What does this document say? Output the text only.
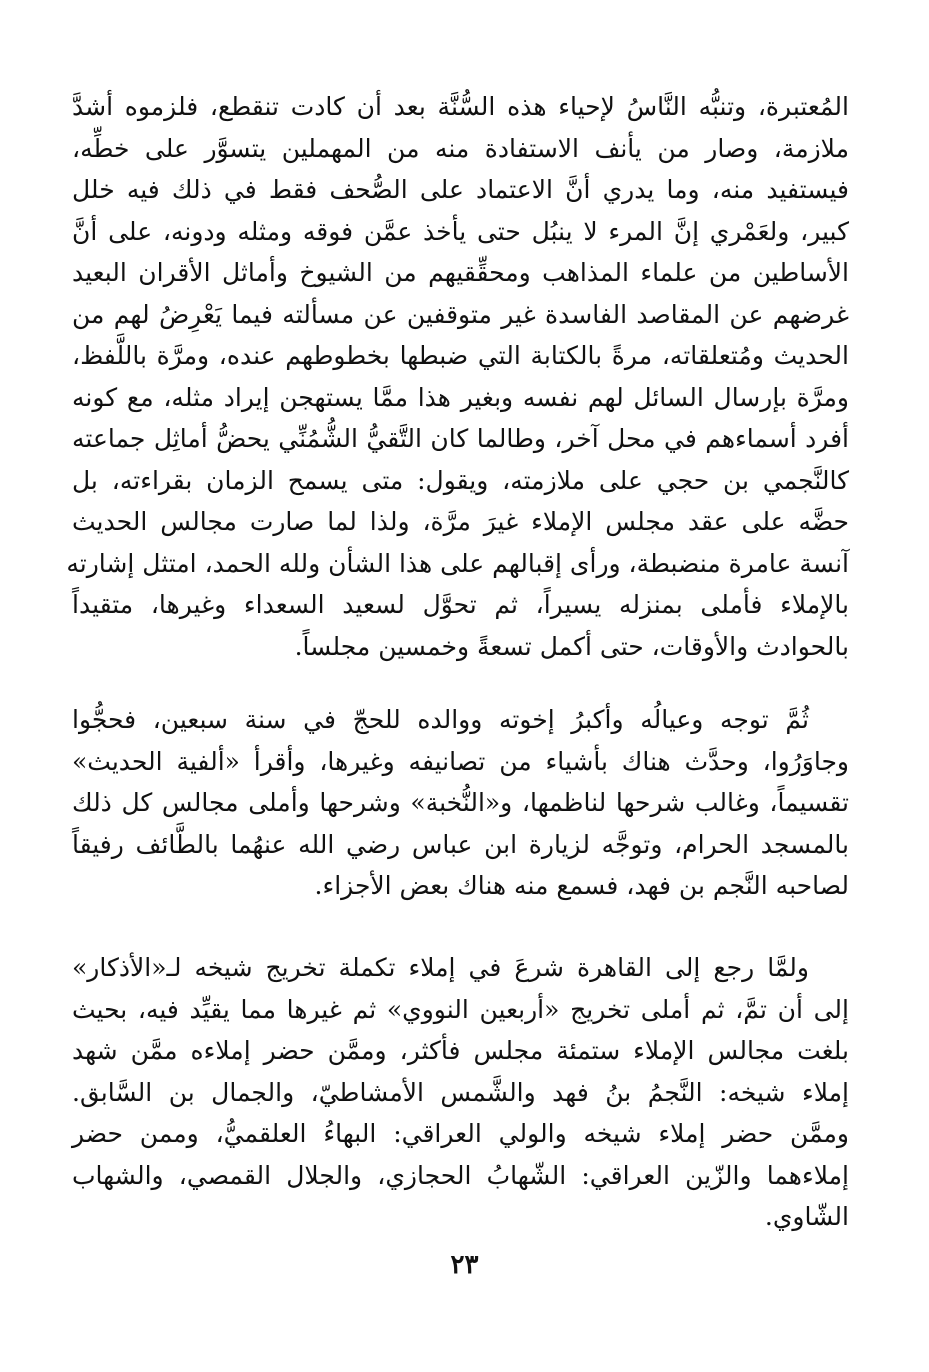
المُعتبرة، وتنبُّه النَّاسُ لإحياء هذه السُّنَّة بعد أن كادت تنقطع، فلزموه أشدَّ
ملازمة، وصار من يأنف الاستفادة منه من المهملين يتسوَّر على خطِّه،
فيستفيد منه، وما يدري أنَّ الاعتماد على الصُّحف فقط في ذلك فيه خلل
كبير، ولعَمْري إنَّ المرء لا ينبُل حتى يأخذ عمَّن فوقه ومثله ودونه، على أنَّ
الأساطين من علماء المذاهب ومحقِّقيهم من الشيوخ وأماثل الأقران البعيد
غرضهم عن المقاصد الفاسدة غير متوقفين عن مسألته فيما يَعْرِضُ لهم من
الحديث ومُتعلقاته، مرةً بالكتابة التي ضبطها بخطوطهم عنده، ومرَّة باللَّفظ،
ومرَّة بإرسال السائل لهم نفسه وبغير هذا ممَّا يستهجن إيراد مثله، مع كونه
أفرد أسماءهم في محل آخر، وطالما كان التَّقيُّ الشُّمُنِّي يحضُّ أماثِل جماعته
كالنَّجمي بن حجي على ملازمته، ويقول: متى يسمح الزمان بقراءته، بل
حضَّه على عقد مجلس الإملاء غيرَ مرَّة، ولذا لما صارت مجالس الحديث
آنسة عامرة منضبطة، ورأى إقبالهم على هذا الشأن ولله الحمد، امتثل إشارته
بالإملاء فأملى بمنزله يسيراً، ثم تحوَّل لسعيد السعداء وغيرها، متقيداً
بالحوادث والأوقات، حتى أكمل تسعةً وخمسين مجلساً.
ثُمَّ توجه وعيالُه وأكبرُ إخوته ووالده للحجّ في سنة سبعين، فحجُّوا
وجاوَرُوا، وحدَّث هناك بأشياء من تصانيفه وغيرها، وأقرأ «ألفية الحديث»
تقسيماً، وغالب شرحها لناظمها، و«النُّخبة» وشرحها وأملى مجالس كل ذلك
بالمسجد الحرام، وتوجَّه لزيارة ابن عباس رضي الله عنهُما بالطَّائف رفيقاً
لصاحبه النَّجم بن فهد، فسمع منه هناك بعض الأجزاء.
ولمَّا رجع إلى القاهرة شرعَ في إملاء تكملة تخريج شيخه لـ«الأذكار»
إلى أن تمَّ، ثم أملى تخريج «أربعين النووي» ثم غيرها مما يقيِّد فيه، بحيث
بلغت مجالس الإملاء ستمئة مجلس فأكثر، وممَّن حضر إملاءه ممَّن شهد
إملاء شيخه: النَّجمُ بنُ فهد والشَّمس الأمشاطيّ، والجمال بن السَّابق.
وممَّن حضر إملاء شيخه والولي العراقي: البهاءُ العلقميُّ، وممن حضر
إملاءهما والزّين العراقي: الشّهابُ الحجازي، والجلال القمصي، والشهاب
الشّاوي.
٢٣
